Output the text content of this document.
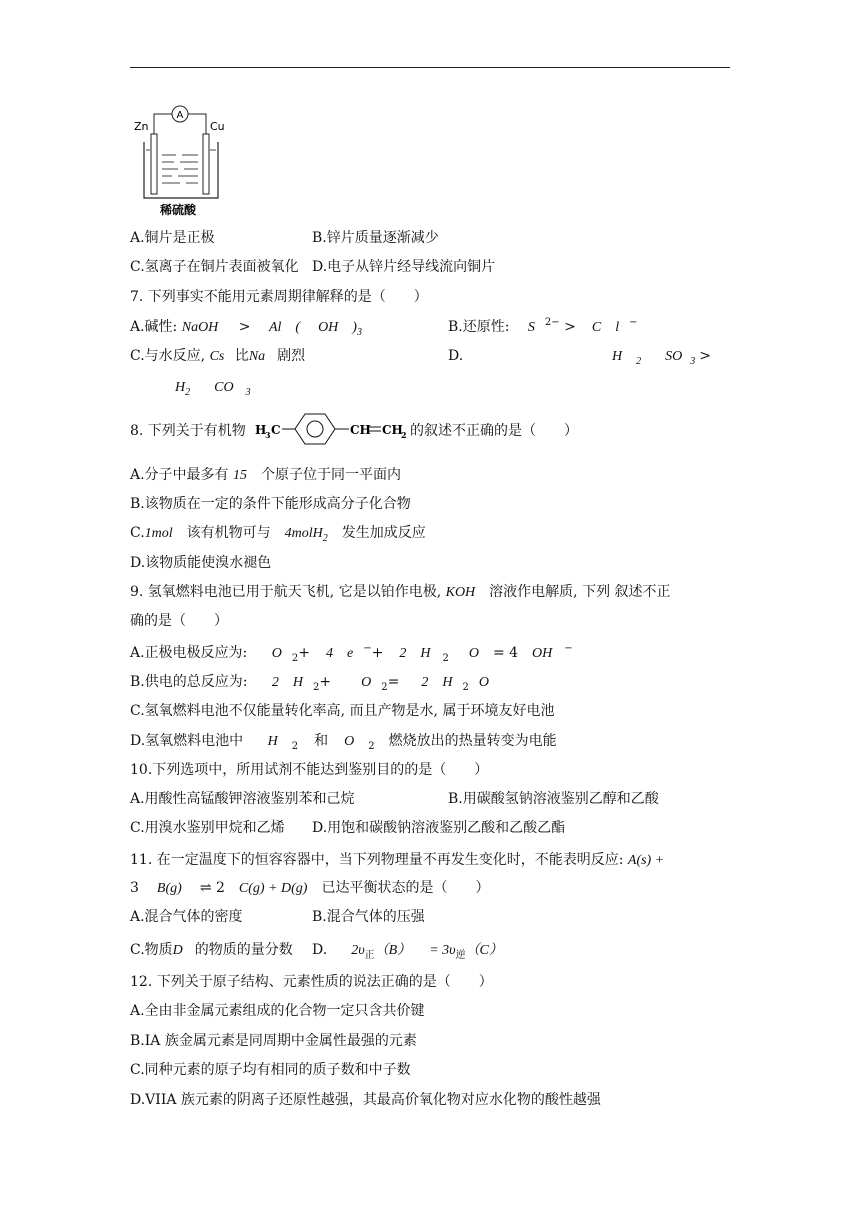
Zn	Cu
A
稀硫酸
A.铜片是正极	B.锌片质量逐渐减少
C.氢离子在铜片表面被氧化 D.电子从锌片经导线流向铜片
7. 下列事实不能用元素周期律解释的是（　　）
A.碱性: NaOH > Al ( OH )$_3$	B.还原性: S $^{2-}$ > C l −
C.与水反应, Cs 比Na 剧烈	D.	H $_2$ SO $_3$ >
$H_2$ CO $_3$
8. 下列关于有机物 H
3 C	CH CH
2 的叙述不正确的是（　　）
A.分子中最多有 15 个原子位于同一平面内
B.该物质在一定的条件下能形成高分子化合物
C.1mol 该有机物可与 4molH$_2$ 发生加成反应
D.该物质能使溴水褪色
9. 氢氧燃料电池已用于航天飞机, 它是以铂作电极, KOH 溶液作电解质, 下列 叙述不正
确的是（　　）
A.正极电极反应为: O $_2$+ 4 e −+ 2 H $_2$ O = 4 OH −
B.供电的总反应为: 2 H $_2$+ O $_2$= 2 H $_2$ O
C.氢氧燃料电池不仅能量转化率高, 而且产物是水, 属于环境友好电池
D.氢氧燃料电池中 H $_2$ 和 O $_2$ 燃烧放出的热量转变为电能
10.下列选项中，所用试剂不能达到鉴别目的的是（　　）
A.用酸性高锰酸钾溶液鉴别苯和己烷	B.用碳酸氢钠溶液鉴别乙醇和乙酸
C.用溴水鉴别甲烷和乙烯 D.用饱和碳酸钠溶液鉴别乙酸和乙酸乙酯
11. 在一定温度下的恒容容器中，当下列物理量不再发生变化时，不能表明反应: A(s) +
3 B(g) ⇌ 2 C(g) + D(g) 已达平衡状态的是（　　）
A.混合气体的密度	B.混合气体的压强
C.物质D 的物质的量分数 D. $2\upsilon_正(B) = 3\upsilon_逆(C)$
12. 下列关于原子结构、元素性质的说法正确的是（　　）
A.全由非金属元素组成的化合物一定只含共价键
B.IA 族金属元素是同周期中金属性最强的元素
C.同种元素的原子均有相同的质子数和中子数
D.VIIA 族元素的阴离子还原性越强，其最高价氧化物对应水化物的酸性越强
